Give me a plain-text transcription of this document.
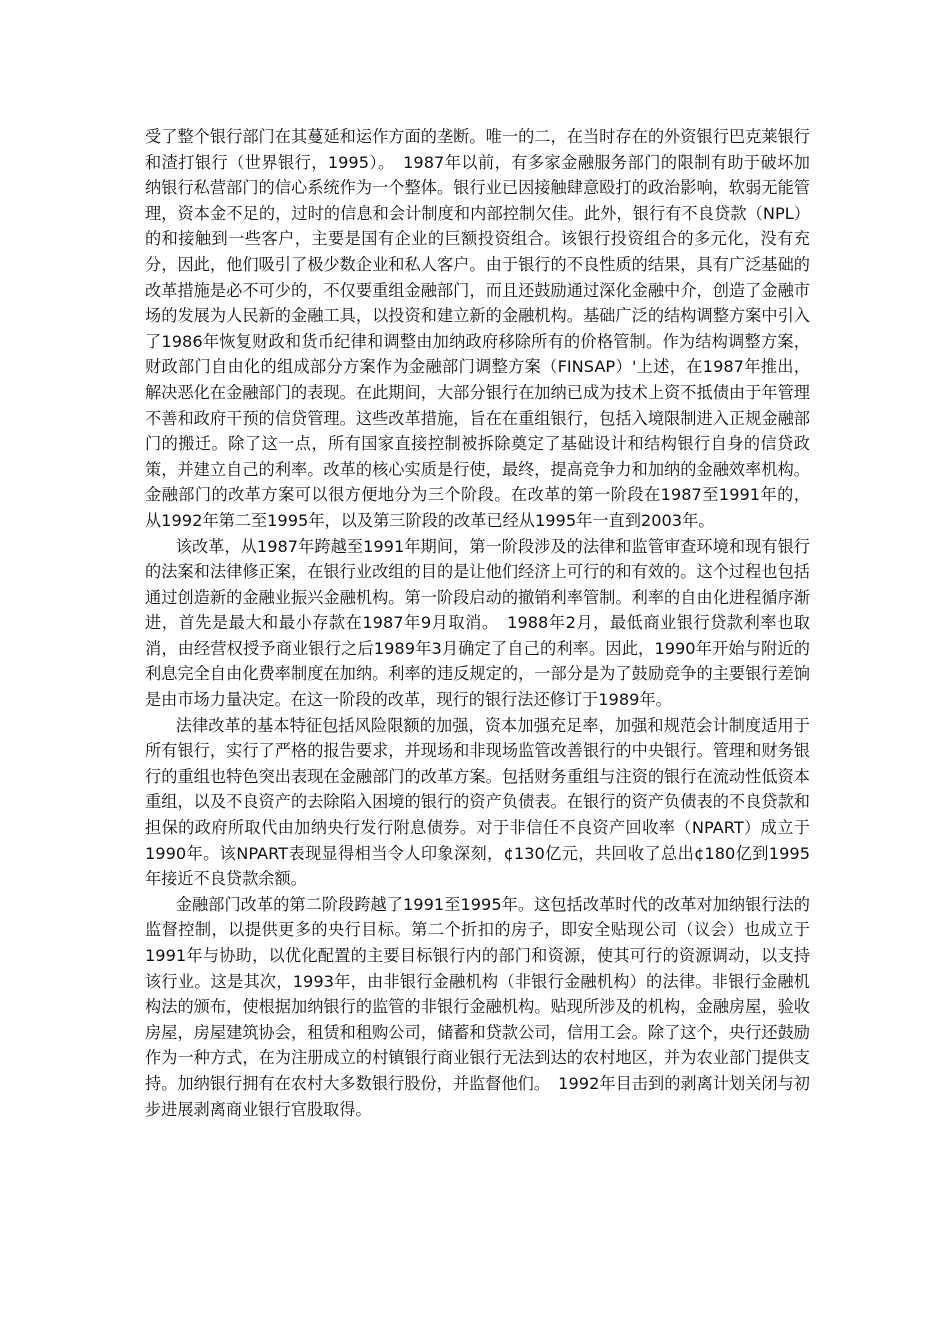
受了整个银行部门在其蔓延和运作方面的垄断。唯一的二，在当时存在的外资银行巴克莱银行和渣打银行（世界银行，1995）。　1987年以前，有多家金融服务部门的限制有助于破坏加纳银行私营部门的信心系统作为一个整体。银行业已因接触肆意殴打的政治影响，软弱无能管理，资本金不足的，过时的信息和会计制度和内部控制欠佳。此外，银行有不良贷款（NPL）的和接触到一些客户，主要是国有企业的巨额投资组合。该银行投资组合的多元化，没有充分，因此，他们吸引了极少数企业和私人客户。由于银行的不良性质的结果，具有广泛基础的改革措施是必不可少的，不仅要重组金融部门，而且还鼓励通过深化金融中介，创造了金融市场的发展为人民新的金融工具，以投资和建立新的金融机构。基础广泛的结构调整方案中引入了1986年恢复财政和货币纪律和调整由加纳政府移除所有的价格管制。作为结构调整方案，财政部门自由化的组成部分方案作为金融部门调整方案（FINSAP）'上述，在1987年推出，解决恶化在金融部门的表现。在此期间，大部分银行在加纳已成为技术上资不抵债由于年管理不善和政府干预的信贷管理。这些改革措施，旨在在重组银行，包括入境限制进入正规金融部门的搬迁。除了这一点，所有国家直接控制被拆除奠定了基础设计和结构银行自身的信贷政策，并建立自己的利率。改革的核心实质是行使，最终，提高竞争力和加纳的金融效率机构。金融部门的改革方案可以很方便地分为三个阶段。在改革的第一阶段在1987至1991年的，从1992年第二至1995年，以及第三阶段的改革已经从1995年一直到2003年。

该改革，从1987年跨越至1991年期间，第一阶段涉及的法律和监管审查环境和现有银行的法案和法律修正案，在银行业改组的目的是让他们经济上可行的和有效的。这个过程也包括通过创造新的金融业振兴金融机构。第一阶段启动的撤销利率管制。利率的自由化进程循序渐进，首先是最大和最小存款在1987年9月取消。　1988年2月，最低商业银行贷款利率也取消，由经营权授予商业银行之后1989年3月确定了自己的利率。因此，1990年开始与附近的利息完全自由化费率制度在加纳。利率的违反规定的，一部分是为了鼓励竞争的主要银行差饷是由市场力量决定。在这一阶段的改革，现行的银行法还修订于1989年。

法律改革的基本特征包括风险限额的加强，资本加强充足率，加强和规范会计制度适用于所有银行，实行了严格的报告要求，并现场和非现场监管改善银行的中央银行。管理和财务银行的重组也特色突出表现在金融部门的改革方案。包括财务重组与注资的银行在流动性低资本重组，以及不良资产的去除陷入困境的银行的资产负债表。在银行的资产负债表的不良贷款和担保的政府所取代由加纳央行发行附息债券。对于非信任不良资产回收率（NPART）成立于1990年。该NPART表现显得相当令人印象深刻，¢130亿元，共回收了总出¢180亿到1995年接近不良贷款余额。

金融部门改革的第二阶段跨越了1991至1995年。这包括改革时代的改革对加纳银行法的监督控制，以提供更多的央行目标。第二个折扣的房子，即安全贴现公司（议会）也成立于1991年与协助，以优化配置的主要目标银行内的部门和资源，使其可行的资源调动，以支持该行业。这是其次，1993年，由非银行金融机构（非银行金融机构）的法律。非银行金融机构法的颁布，使根据加纳银行的监管的非银行金融机构。贴现所涉及的机构，金融房屋，验收房屋，房屋建筑协会，租赁和租购公司，储蓄和贷款公司，信用工会。除了这个，央行还鼓励作为一种方式，在为注册成立的村镇银行商业银行无法到达的农村地区，并为农业部门提供支持。加纳银行拥有在农村大多数银行股份，并监督他们。　1992年目击到的剥离计划关闭与初步进展剥离商业银行官股取得。
